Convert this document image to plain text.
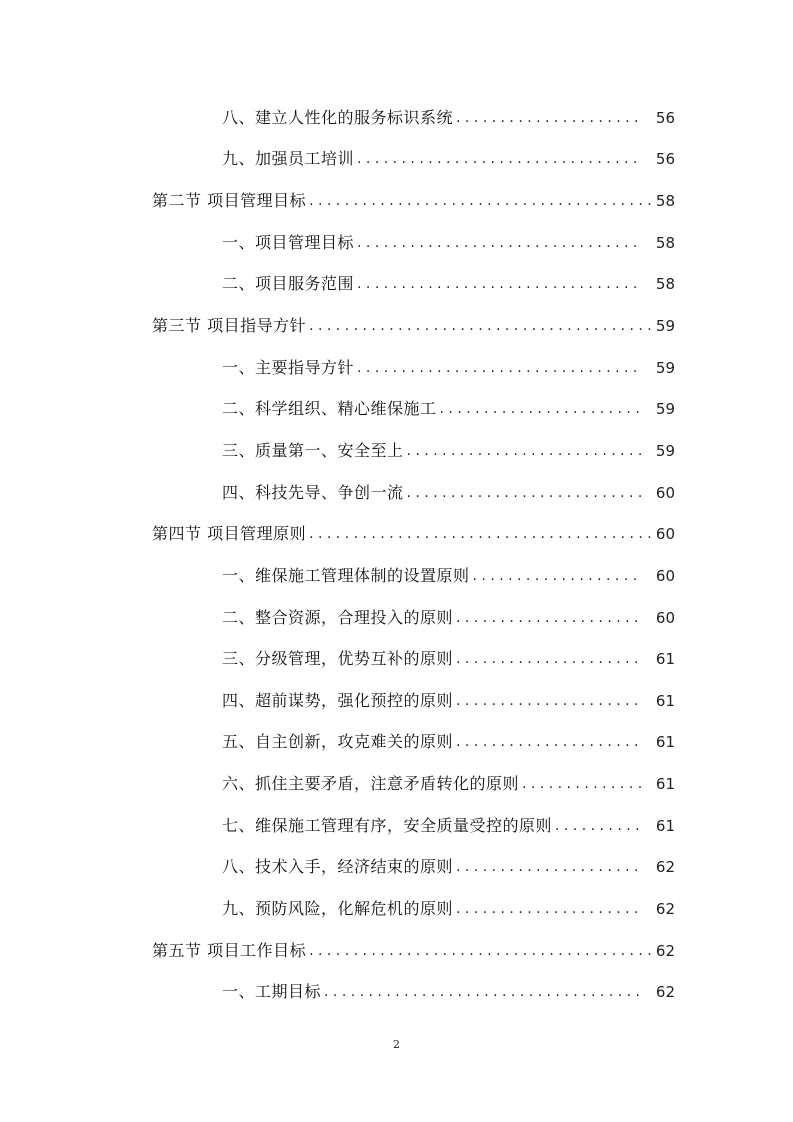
八、建立人性化的服务标识系统 . . .	56
九、加强员工培训 . . .	56
第二节 项目管理目标 . . .	58
一、项目管理目标 . . .	58
二、项目服务范围 . . .	58
第三节 项目指导方针 . . .	59
一、主要指导方针 . . .	59
二、科学组织、精心维保施工 . . .	59
三、质量第一、安全至上 . . .	59
四、科技先导、争创一流 . . .	60
第四节 项目管理原则 . . .	60
一、维保施工管理体制的设置原则 . . .	60
二、整合资源，合理投入的原则 . . .	60
三、分级管理，优势互补的原则 . . .	61
四、超前谋势，强化预控的原则 . . .	61
五、自主创新，攻克难关的原则 . . .	61
六、抓住主要矛盾，注意矛盾转化的原则 . . .	61
七、维保施工管理有序，安全质量受控的原则 . . .	61
八、技术入手，经济结束的原则 . . .	62
九、预防风险，化解危机的原则 . . .	62
第五节 项目工作目标 . . .	62
一、工期目标 . . .	62
2
